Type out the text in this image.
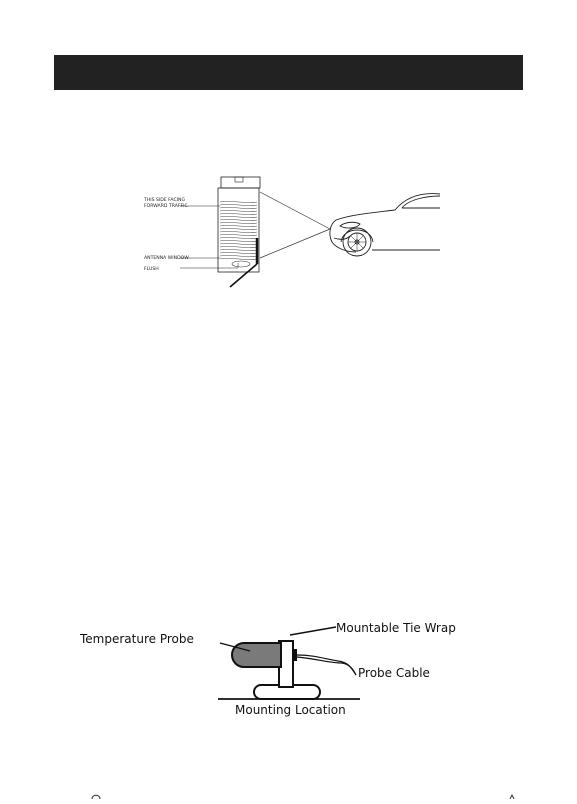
THIS SIDE FACING
FORWARD TRAFFIC
ANTENNA WINDOW
FLUSH
Temperature Probe
Mountable Tie Wrap
Probe Cable
Mounting Location
